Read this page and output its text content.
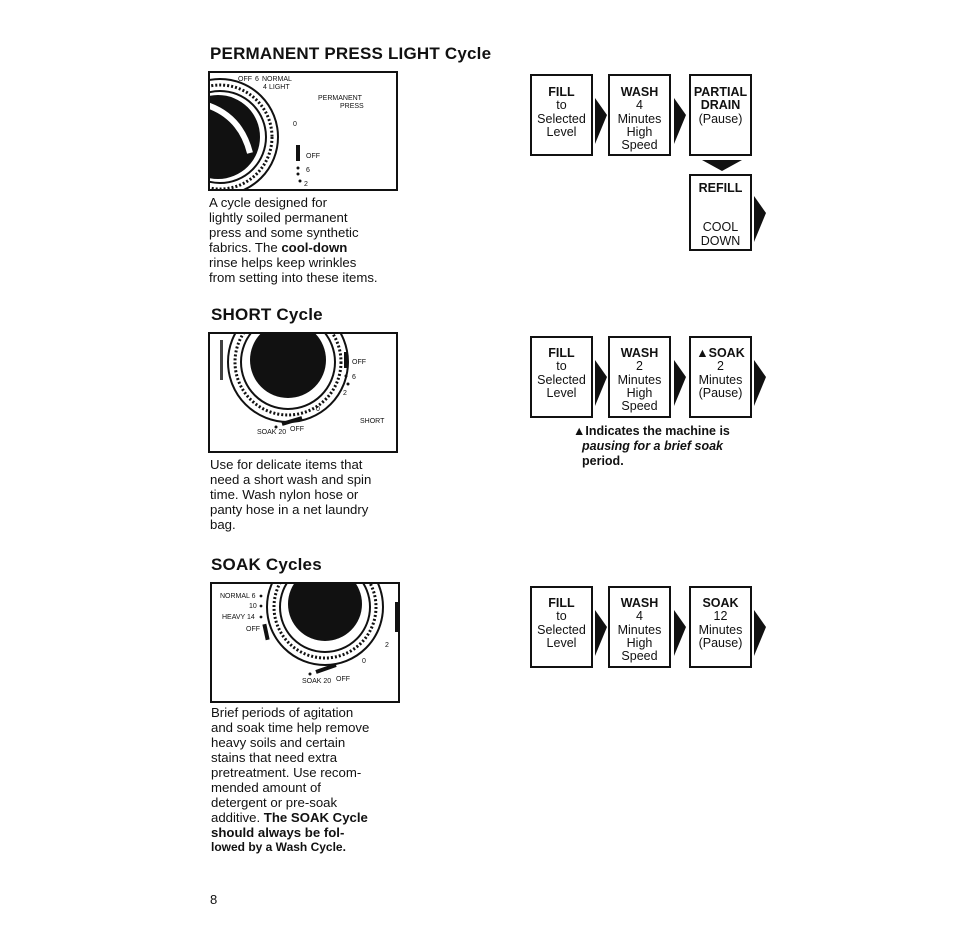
PERMANENT PRESS LIGHT Cycle
OFF 6 NORMAL
4 LIGHT
PERMANENT
PRESS
0
OFF
6
2
A cycle designed for
lightly soiled permanent
press and some synthetic
fabrics. The cool-down
rinse helps keep wrinkles
from setting into these items.
FILL
to
Selected
Level
WASH
4
Minutes
High
Speed
PARTIAL
DRAIN
(Pause)
REFILL
COOL
DOWN
SHORT Cycle
OFF
6
2
0
SOAK 20 OFF
SHORT
Use for delicate items that
need a short wash and spin
time. Wash nylon hose or
panty hose in a net laundry
bag.
FILL
to
Selected
Level
WASH
2
Minutes
High
Speed
▲SOAK
2
Minutes
(Pause)
▲Indicates the machine is
pausing for a brief soak
period.
SOAK Cycles
NORMAL 6
10
HEAVY 14
OFF
2
0
SOAK 20 OFF
Brief periods of agitation
and soak time help remove
heavy soils and certain
stains that need extra
pretreatment. Use recom-
mended amount of
detergent or pre-soak
additive. The SOAK Cycle
should always be fol-
lowed by a Wash Cycle.
FILL
to
Selected
Level
WASH
4
Minutes
High
Speed
SOAK
12
Minutes
(Pause)
8
